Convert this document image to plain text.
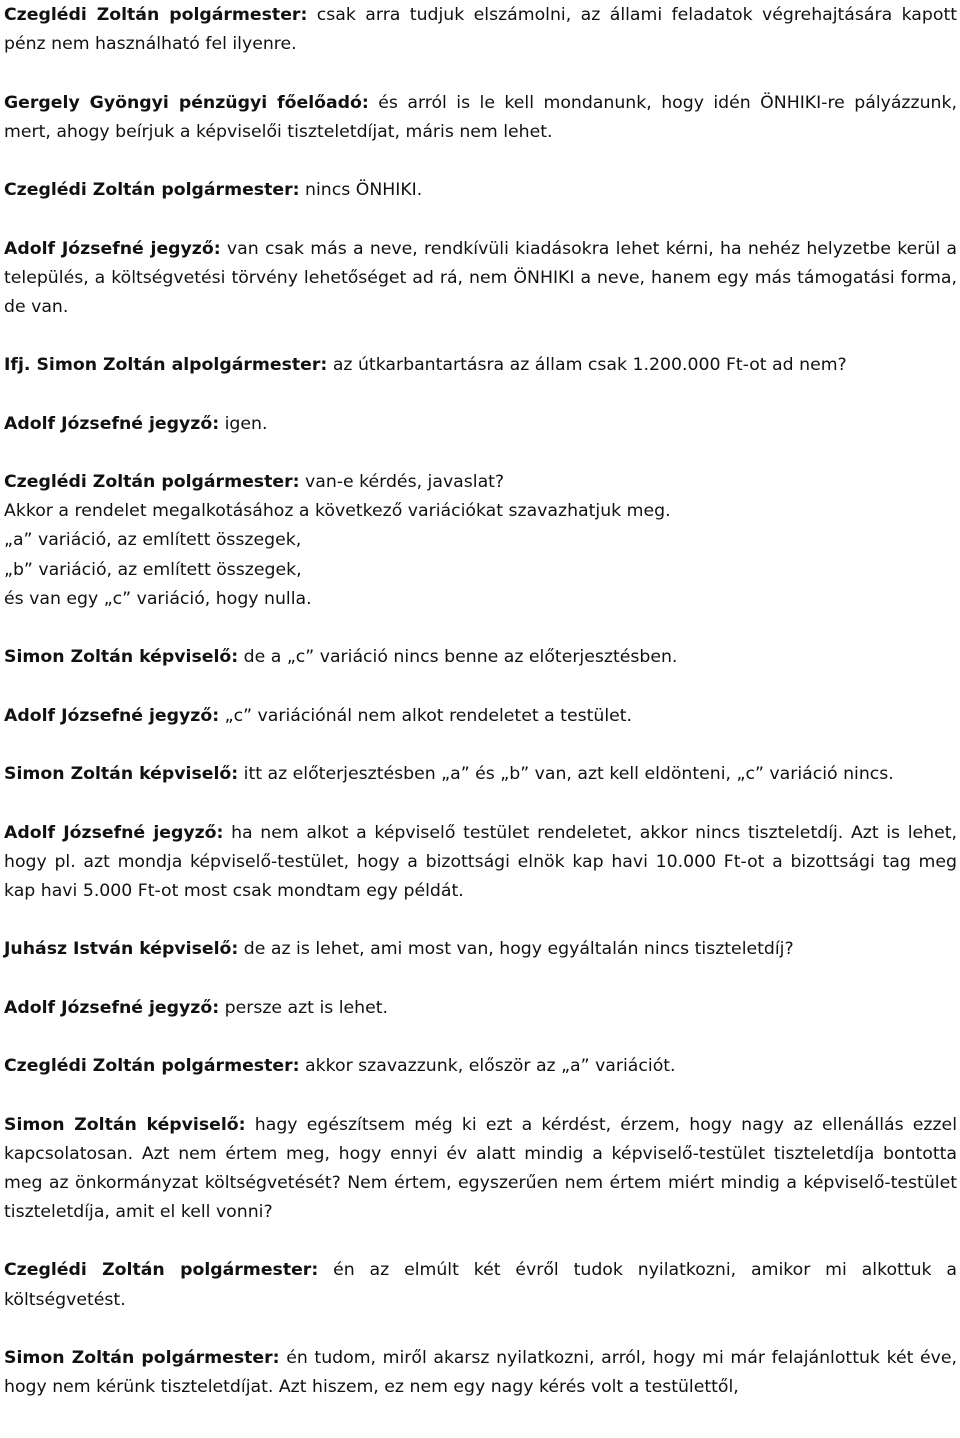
Czeglédi Zoltán polgármester: csak arra tudjuk elszámolni, az állami feladatok végrehajtására kapott pénz nem használható fel ilyenre.

Gergely Gyöngyi pénzügyi főelőadó: és arról is le kell mondanunk, hogy idén ÖNHIKI-re pályázzunk, mert, ahogy beírjuk a képviselői tiszteletdíjat, máris nem lehet.

Czeglédi Zoltán polgármester: nincs ÖNHIKI.

Adolf Józsefné jegyző: van csak más a neve, rendkívüli kiadásokra lehet kérni, ha nehéz helyzetbe kerül a település, a költségvetési törvény lehetőséget ad rá, nem ÖNHIKI a neve, hanem egy más támogatási forma, de van.

Ifj. Simon Zoltán alpolgármester: az útkarbantartásra az állam csak 1.200.000 Ft-ot ad nem?

Adolf Józsefné jegyző: igen.

Czeglédi Zoltán polgármester: van-e kérdés, javaslat?
Akkor a rendelet megalkotásához a következő variációkat szavazhatjuk meg.
„a” variáció, az említett összegek,
„b” variáció, az említett összegek,
és van egy „c” variáció, hogy nulla.

Simon Zoltán képviselő: de a „c” variáció nincs benne az előterjesztésben.

Adolf Józsefné jegyző: „c” variációnál nem alkot rendeletet a testület.

Simon Zoltán képviselő: itt az előterjesztésben „a” és „b” van, azt kell eldönteni, „c” variáció nincs.

Adolf Józsefné jegyző: ha nem alkot a képviselő testület rendeletet, akkor nincs tiszteletdíj. Azt is lehet, hogy pl. azt mondja képviselő-testület, hogy a bizottsági elnök kap havi 10.000 Ft-ot a bizottsági tag meg kap havi 5.000 Ft-ot most csak mondtam egy példát.

Juhász István képviselő: de az is lehet, ami most van, hogy egyáltalán nincs tiszteletdíj?

Adolf Józsefné jegyző: persze azt is lehet.

Czeglédi Zoltán polgármester: akkor szavazzunk, először az „a” variációt.

Simon Zoltán képviselő: hagy egészítsem még ki ezt a kérdést, érzem, hogy nagy az ellenállás ezzel kapcsolatosan. Azt nem értem meg, hogy ennyi év alatt mindig a képviselő-testület tiszteletdíja bontotta meg az önkormányzat költségvetését? Nem értem, egyszerűen nem értem miért mindig a képviselő-testület tiszteletdíja, amit el kell vonni?

Czeglédi Zoltán polgármester: én az elmúlt két évről tudok nyilatkozni, amikor mi alkottuk a költségvetést.

Simon Zoltán polgármester: én tudom, miről akarsz nyilatkozni, arról, hogy mi már felajánlottuk két éve, hogy nem kérünk tiszteletdíjat. Azt hiszem, ez nem egy nagy kérés volt a testülettől,
